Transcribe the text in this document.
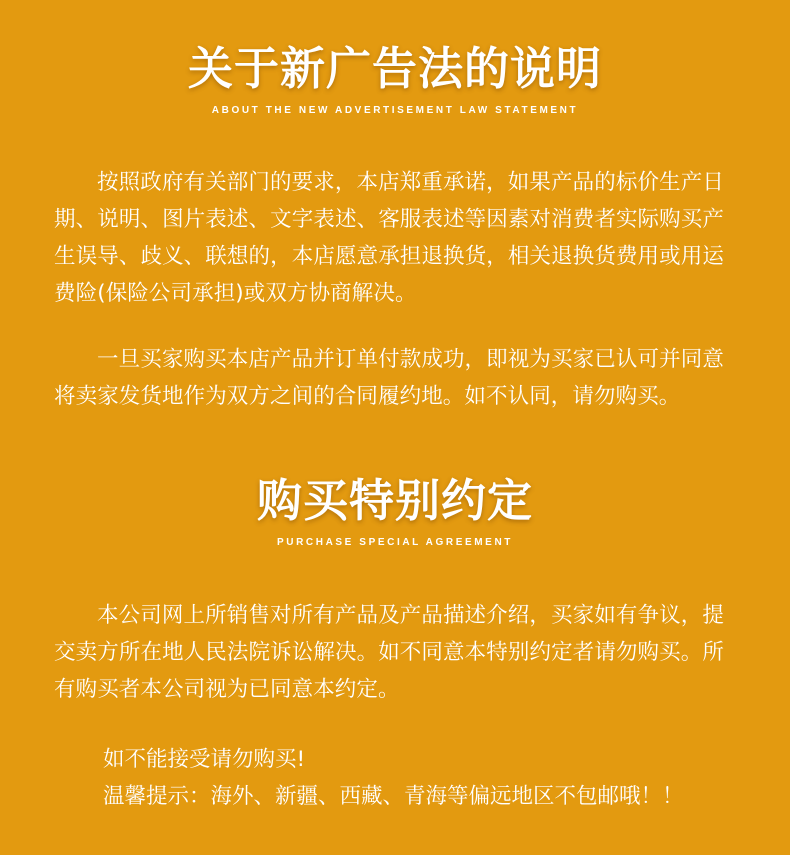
关于新广告法的说明
ABOUT THE NEW ADVERTISEMENT LAW STATEMENT

按照政府有关部门的要求，本店郑重承诺，如果产品的标价生产日期、说明、图片表述、文字表述、客服表述等因素对消费者实际购买产生误导、歧义、联想的，本店愿意承担退换货，相关退换货费用或用运费险(保险公司承担)或双方协商解决。

一旦买家购买本店产品并订单付款成功，即视为买家已认可并同意将卖家发货地作为双方之间的合同履约地。如不认同，请勿购买。

购买特别约定
PURCHASE SPECIAL AGREEMENT

本公司网上所销售对所有产品及产品描述介绍，买家如有争议，提交卖方所在地人民法院诉讼解决。如不同意本特别约定者请勿购买。所有购买者本公司视为已同意本约定。

如不能接受请勿购买!

温馨提示：海外、新疆、西藏、青海等偏远地区不包邮哦！！
